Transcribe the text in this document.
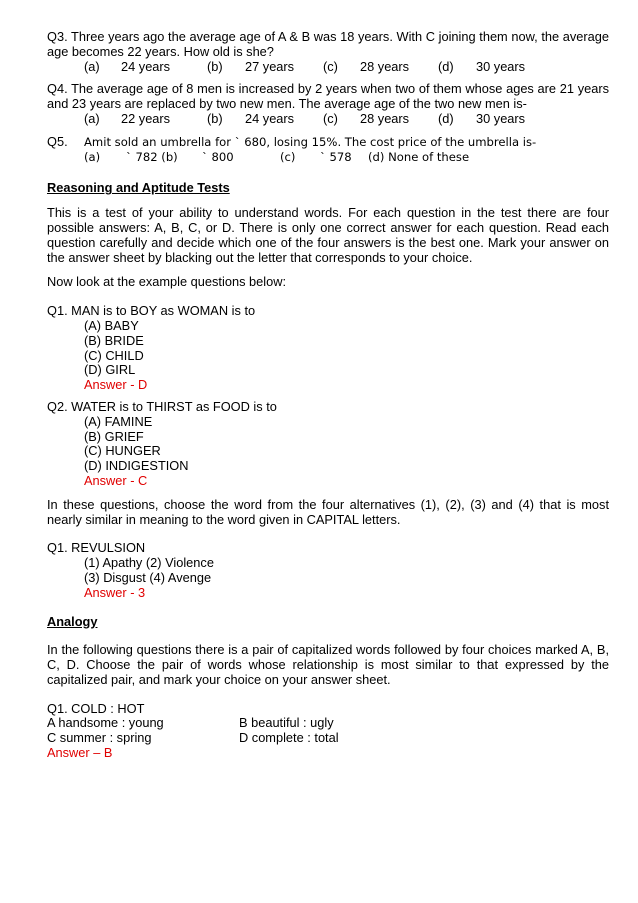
Q3. Three years ago the average age of A & B was 18 years. With C joining them now, the average age becomes 22 years. How old is she?

(a)	24 years	(b)	27 years	(c)	28 years	(d)	30 years

Q4. The average age of 8 men is increased by 2 years when two of them whose ages are 21 years and 23 years are replaced by two new men. The average age of the two new men is-

(a)	22 years	(b)	24 years	(c)	28 years	(d)	30 years
Q5.	Amit sold an umbrella for ` 680, losing 15%. The cost price of the umbrella is-
(a)	` 782 (b)	` 800	(c)	` 578	(d) None of these

Reasoning and Aptitude Tests

This is a test of your ability to understand words. For each question in the test there are four possible answers: A, B, C, or D. There is only one correct answer for each question. Read each question carefully and decide which one of the four answers is the best one. Mark your answer on the answer sheet by blacking out the letter that corresponds to your choice.

Now look at the example questions below:

Q1. MAN is to BOY as WOMAN is to

(A) BABY
(B) BRIDE
(C) CHILD
(D) GIRL
Answer - D

Q2. WATER is to THIRST as FOOD is to

(A) FAMINE
(B) GRIEF
(C) HUNGER
(D) INDIGESTION
Answer - C

In these questions, choose the word from the four alternatives (1), (2), (3) and (4) that is most nearly similar in meaning to the word given in CAPITAL letters.

Q1. REVULSION

(1) Apathy (2) Violence
(3) Disgust (4) Avenge
Answer - 3

Analogy

In the following questions there is a pair of capitalized words followed by four choices marked A, B, C, D. Choose the pair of words whose relationship is most similar to that expressed by the capitalized pair, and mark your choice on your answer sheet.

Q1. COLD : HOT

A handsome : young	B beautiful : ugly
C summer : spring	D complete : total

Answer – B
